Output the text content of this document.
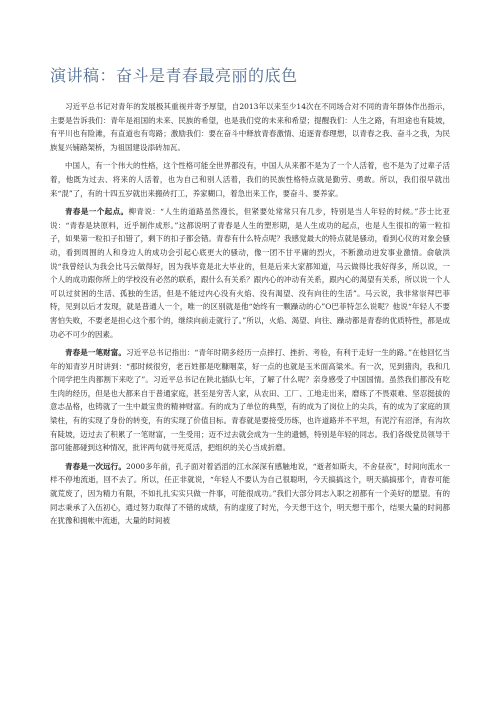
演讲稿：奋斗是青春最亮丽的底色

习近平总书记对青年的发展极其重视并寄予厚望，自2013年以来至少14次在不同场合对不同的青年群体作出指示，主要是告诉我们：青年是祖国的未来、民族的希望，也是我们党的未来和希望；提醒我们：人生之路，有坦途也有陡坡，有平川也有险滩，有直道也有弯路；激励我们：要在奋斗中释放青春激情、追逐青春理想，以青春之我、奋斗之我，为民族复兴铺路架桥，为祖国建设添砖加瓦。

中国人，有一个伟大的性格，这个性格可能全世界都没有，中国人从来都不是为了一个人活着，也不是为了过辈子活着，他既为过去、将来的人活着，也为自己和别人活着，我们的民族性格特点就是勤劳、勇敢。所以，我们很早就出来“混”了，有的十四五岁就出来搬砖打工，养家糊口，着急出来工作，要奋斗、要养家。

青春是一个起点。柳青说：“人生的道路虽然漫长，但紧要处常常只有几步，特别是当人年轻的时候。”莎士比亚说：“青春是块原料，近乎制作成形。”这都说明了青春是人生的塑形期，是人生成功的起点，也是人生很扣的第一粒扣子，如果第一粒扣子扣错了，剩下的扣子都会错。青春有什么特点呢？我感觉最大的特点就是骚动，看到心仪的对象会骚动，看到周围的人和身边人的成功会引起心底更大的骚动，像一团不甘平庸的烈火，不断激动迸发事业激情。俞敏洪说“我曾经认为我会比马云做得好，因为我毕竟是北大毕业的，但是后来大家都知道，马云做得比我好得多，所以说，一个人的成功跟你所上的学校没有必然的联系，跟什么有关系？跟内心的冲动有关系，跟内心的渴望有关系，所以说一个人可以过贫困的生活、孤独的生活，但是不能过内心没有火焰、没有渴望、没有向往的生活”。马云说，我非常崇拜巴菲特，见到以后才发现，就是普通人一个，唯一的区别就是他“始终有一颗躁动的心”O巴菲特怎么说呢？他说“年轻人不要害怕失败，不要老是担心这个那个的，继续向前走就行了。”所以，火焰、渴望、向往、躁动都是青春的优质特性，都是成功必不可少的因素。

青春是一笔财富。习近平总书记指出：“青年时期多经历一点摔打、挫折、考验，有利于走好一生的路。”在他回忆当年的知青岁月时讲到：“那时候很穷，老百姓都是吃糠咽菜，好一点的也就是玉米面高粱米。有一次，见到猪肉，我和几个同学把生肉都割下来吃了”。习近平总书记在陕北插队七年，了解了什么呢？亲身感受了中国国情。虽然我们都没有吃生肉的经历，但是也大都来自于普通家庭，甚至是穷苦人家，从农田、工厂、工地走出来，磨练了不畏艰难、坚忍挺拔的意志品格，也铸就了一生中最宝贵的精神财富。有的成为了单位的典型，有的成为了岗位上的尖兵，有的成为了家庭的顶梁柱，有的实现了身份的转变，有的实现了价值目标。青春就是要接受历练，也许道路并不平坦，有泥泞有沼泽，有沟坎有陡坡，迈过去了积累了一笔财富，一生受用；迈不过去就会成为一生的遗憾，特别是年轻的同志。我们各级党员领导干部可能都碰到这种情况，批评两句就寻死觅活，把组织的关心当成折磨。

青春是一次远行。2000多年前，孔子面对着滔滔的江水深深有感触地说，“逝者如斯夫，不舍昼夜”，时间向流水一样不停地流逝，回不去了。所以，任正非就说，“年轻人不要认为自己很聪明，今天搞搞这个，明天搞搞那个，青春可能就荒废了，因为精力有限，不如扎扎实实只做一件事，可能很成功。”我们大部分同志入职之初都有一个美好的愿望。有的同志秉承了入伍初心，通过努力取得了不错的成绩，有的虚度了时光，今天想干这个，明天想干那个，结果大量的时间都在犹豫和拥帐中流逝，大量的时间被
